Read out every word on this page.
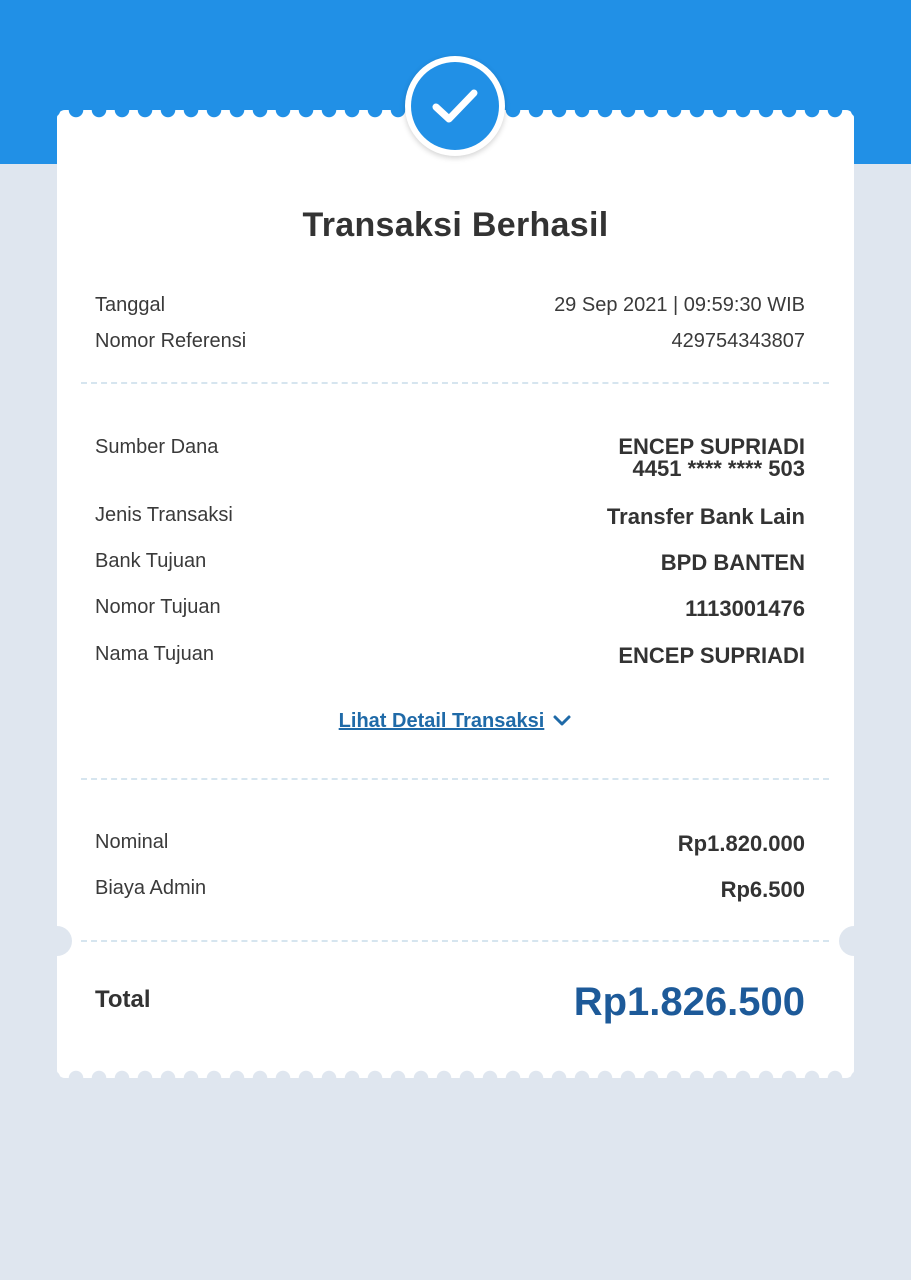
Transaksi Berhasil
Tanggal	29 Sep 2021 | 09:59:30 WIB
Nomor Referensi	429754343807
Sumber Dana	ENCEP SUPRIADI
4451 **** **** 503
Jenis Transaksi	Transfer Bank Lain
Bank Tujuan	BPD BANTEN
Nomor Tujuan	1113001476
Nama Tujuan	ENCEP SUPRIADI
Lihat Detail Transaksi
Nominal	Rp1.820.000
Biaya Admin	Rp6.500
Total	Rp1.826.500
